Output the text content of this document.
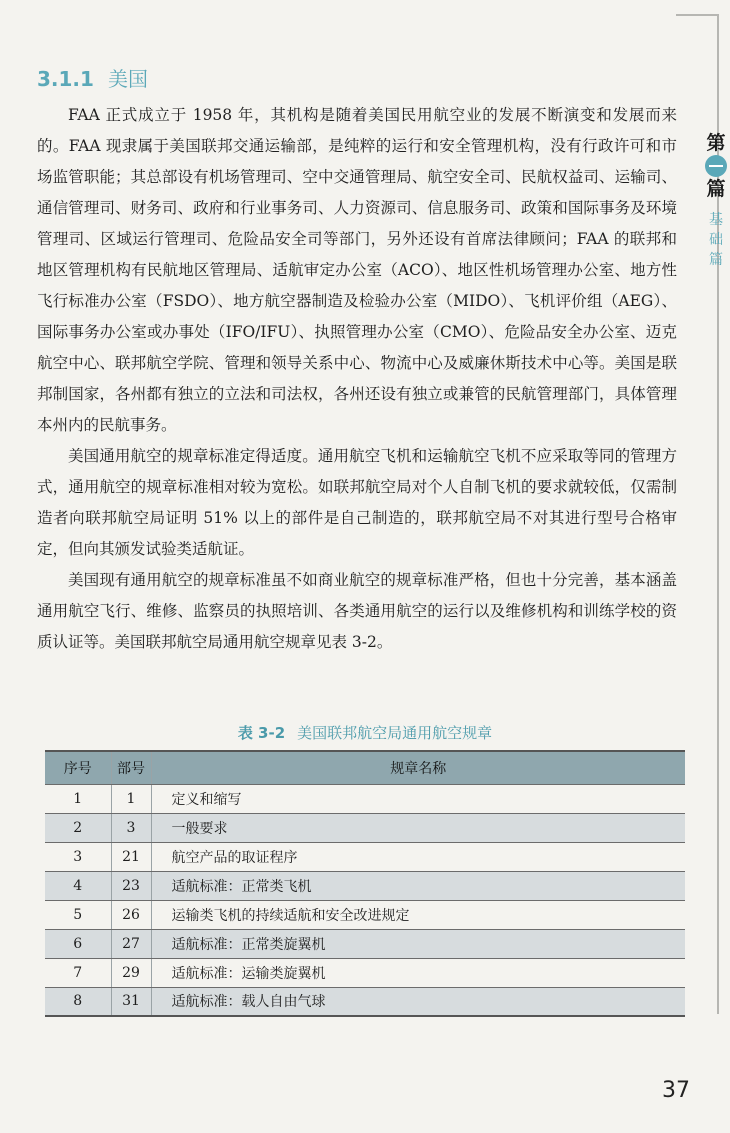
第
篇
基
础
篇
3.1.1 美国

FAA 正式成立于 1958 年，其机构是随着美国民用航空业的发展不断演变和发展而来的。FAA 现隶属于美国联邦交通运输部，是纯粹的运行和安全管理机构，没有行政许可和市场监管职能；其总部设有机场管理司、空中交通管理局、航空安全司、民航权益司、运输司、通信管理司、财务司、政府和行业事务司、人力资源司、信息服务司、政策和国际事务及环境管理司、区域运行管理司、危险品安全司等部门，另外还设有首席法律顾问；FAA 的联邦和地区管理机构有民航地区管理局、适航审定办公室（ACO）、地区性机场管理办公室、地方性飞行标准办公室（FSDO）、地方航空器制造及检验办公室（MIDO）、飞机评价组（AEG）、国际事务办公室或办事处（IFO/IFU）、执照管理办公室（CMO）、危险品安全办公室、迈克航空中心、联邦航空学院、管理和领导关系中心、物流中心及威廉休斯技术中心等。美国是联邦制国家，各州都有独立的立法和司法权，各州还设有独立或兼管的民航管理部门，具体管理本州内的民航事务。

美国通用航空的规章标准定得适度。通用航空飞机和运输航空飞机不应采取等同的管理方式，通用航空的规章标准相对较为宽松。如联邦航空局对个人自制飞机的要求就较低，仅需制造者向联邦航空局证明 51% 以上的部件是自己制造的，联邦航空局不对其进行型号合格审定，但向其颁发试验类适航证。

美国现有通用航空的规章标准虽不如商业航空的规章标准严格，但也十分完善，基本涵盖通用航空飞行、维修、监察员的执照培训、各类通用航空的运行以及维修机构和训练学校的资质认证等。美国联邦航空局通用航空规章见表 3-2。

表 3-2 美国联邦航空局通用航空规章
序号	部号	规章名称
1	1	定义和缩写
2	3	一般要求
3	21	航空产品的取证程序
4	23	适航标准：正常类飞机
5	26	运输类飞机的持续适航和安全改进规定
6	27	适航标准：正常类旋翼机
7	29	适航标准：运输类旋翼机
8	31	适航标准：载人自由气球
37
